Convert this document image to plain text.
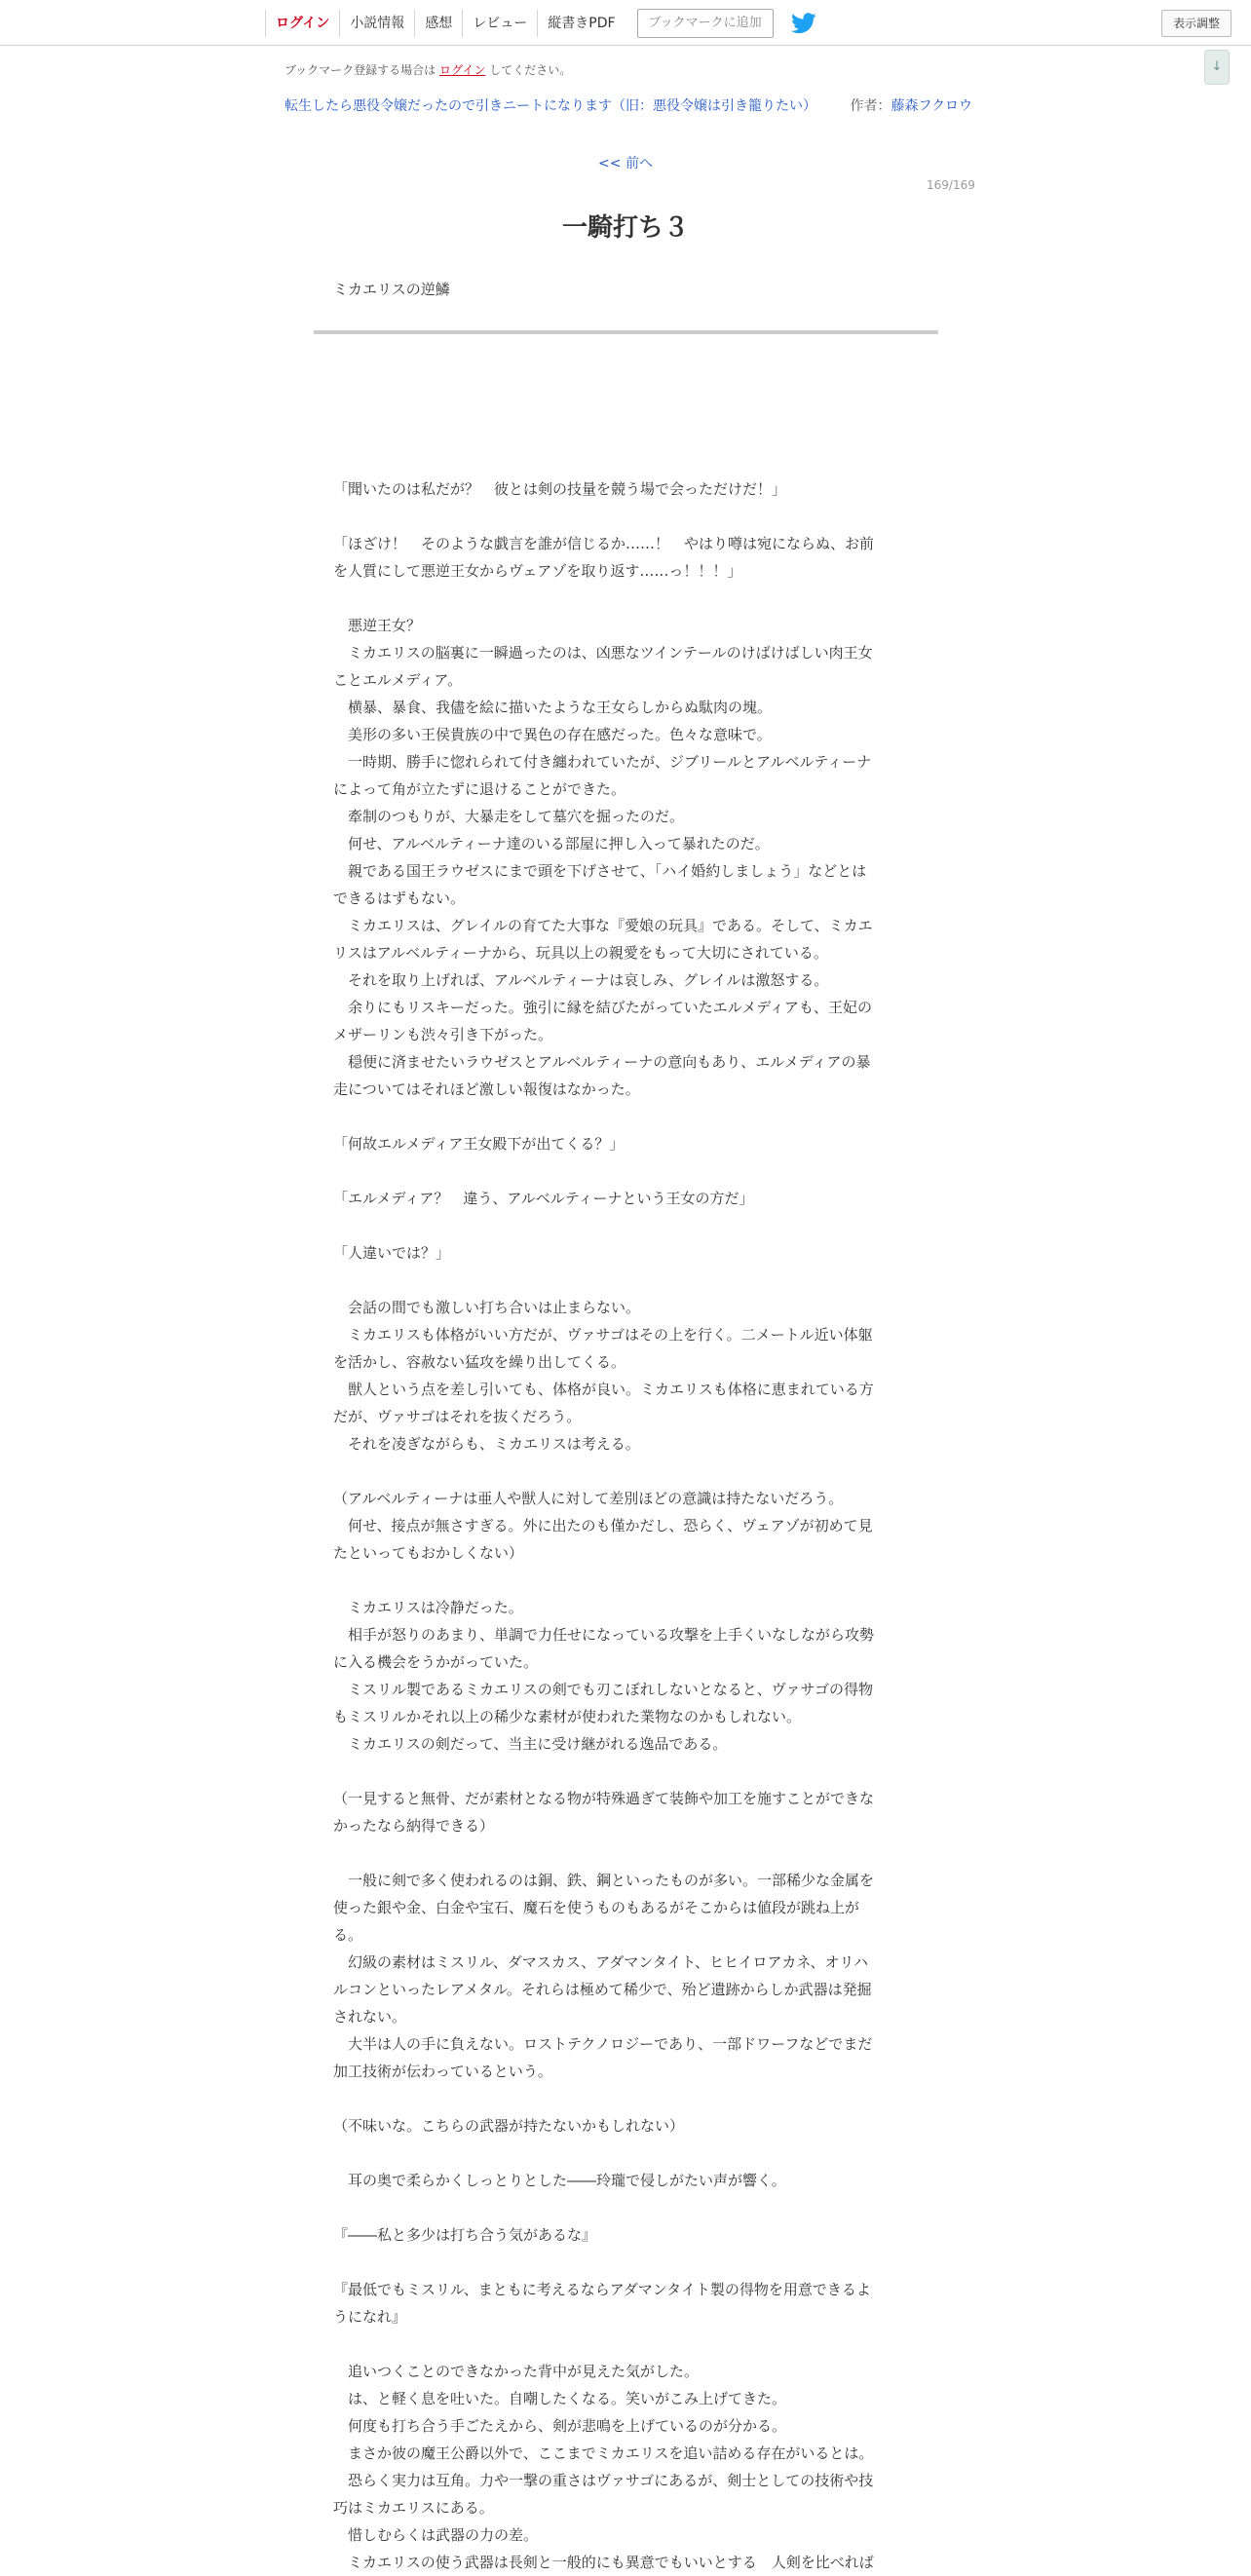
ログイン	小説情報	感想	レビュー	縦書きPDF	ブックマークに追加	表示調整
↓
ブックマーク登録する場合は ログイン してください。
転生したら悪役令嬢だったので引きニートになります（旧：悪役令嬢は引き籠りたい） 作者：藤森フクロウ
<< 前へ
169/169
一騎打ち３
ミカエリスの逆鱗

「聞いたのは私だが？　彼とは剣の技量を競う場で会っただけだ！」

「ほざけ！　そのような戯言を誰が信じるか……！　やはり噂は宛にならぬ、お前

を人質にして悪逆王女からヴェアゾを取り返す……っ！！！」

　悪逆王女？

　ミカエリスの脳裏に一瞬過ったのは、凶悪なツインテールのけばけばしい肉王女

ことエルメディア。

　横暴、暴食、我儘を絵に描いたような王女らしからぬ駄肉の塊。

　美形の多い王侯貴族の中で異色の存在感だった。色々な意味で。

　一時期、勝手に惚れられて付き纏われていたが、ジブリールとアルベルティーナ

によって角が立たずに退けることができた。

　牽制のつもりが、大暴走をして墓穴を掘ったのだ。

　何せ、アルベルティーナ達のいる部屋に押し入って暴れたのだ。

　親である国王ラウゼスにまで頭を下げさせて、「ハイ婚約しましょう」などとは

できるはずもない。

　ミカエリスは、グレイルの育てた大事な『愛娘の玩具』である。そして、ミカエ

リスはアルベルティーナから、玩具以上の親愛をもって大切にされている。

　それを取り上げれば、アルベルティーナは哀しみ、グレイルは激怒する。

　余りにもリスキーだった。強引に縁を結びたがっていたエルメディアも、王妃の

メザーリンも渋々引き下がった。

　穏便に済ませたいラウゼスとアルベルティーナの意向もあり、エルメディアの暴

走についてはそれほど激しい報復はなかった。

「何故エルメディア王女殿下が出てくる？」

「エルメディア？　違う、アルベルティーナという王女の方だ」

「人違いでは？」

　会話の間でも激しい打ち合いは止まらない。

　ミカエリスも体格がいい方だが、ヴァサゴはその上を行く。二メートル近い体躯

を活かし、容赦ない猛攻を繰り出してくる。

　獣人という点を差し引いても、体格が良い。ミカエリスも体格に恵まれている方

だが、ヴァサゴはそれを抜くだろう。

　それを凌ぎながらも、ミカエリスは考える。

（アルベルティーナは亜人や獣人に対して差別ほどの意識は持たないだろう。

　何せ、接点が無さすぎる。外に出たのも僅かだし、恐らく、ヴェアゾが初めて見

たといってもおかしくない）

　ミカエリスは冷静だった。

　相手が怒りのあまり、単調で力任せになっている攻撃を上手くいなしながら攻勢

に入る機会をうかがっていた。

　ミスリル製であるミカエリスの剣でも刃こぼれしないとなると、ヴァサゴの得物

もミスリルかそれ以上の稀少な素材が使われた業物なのかもしれない。

　ミカエリスの剣だって、当主に受け継がれる逸品である。

（一見すると無骨、だが素材となる物が特殊過ぎて装飾や加工を施すことができな

かったなら納得できる）

　一般に剣で多く使われるのは銅、鉄、鋼といったものが多い。一部稀少な金属を

使った銀や金、白金や宝石、魔石を使うものもあるがそこからは値段が跳ね上が

る。

　幻級の素材はミスリル、ダマスカス、アダマンタイト、ヒヒイロアカネ、オリハ

ルコンといったレアメタル。それらは極めて稀少で、殆ど遺跡からしか武器は発掘

されない。

　大半は人の手に負えない。ロストテクノロジーであり、一部ドワーフなどでまだ

加工技術が伝わっているという。

（不味いな。こちらの武器が持たないかもしれない）

　耳の奥で柔らかくしっとりとした――玲瓏で侵しがたい声が響く。

『――私と多少は打ち合う気があるな』

『最低でもミスリル、まともに考えるならアダマンタイト製の得物を用意できるよ

うになれ』

　追いつくことのできなかった背中が見えた気がした。

　は、と軽く息を吐いた。自嘲したくなる。笑いがこみ上げてきた。

　何度も打ち合う手ごたえから、剣が悲鳴を上げているのが分かる。

　まさか彼の魔王公爵以外で、ここまでミカエリスを追い詰める存在がいるとは。

　恐らく実力は互角。力や一撃の重さはヴァサゴにあるが、剣士としての技術や技

巧はミカエリスにある。

　惜しむらくは武器の力の差。

　ミカエリスの使う武器は長剣と一般的にも異意でもいいとする　人剣を比べれば
